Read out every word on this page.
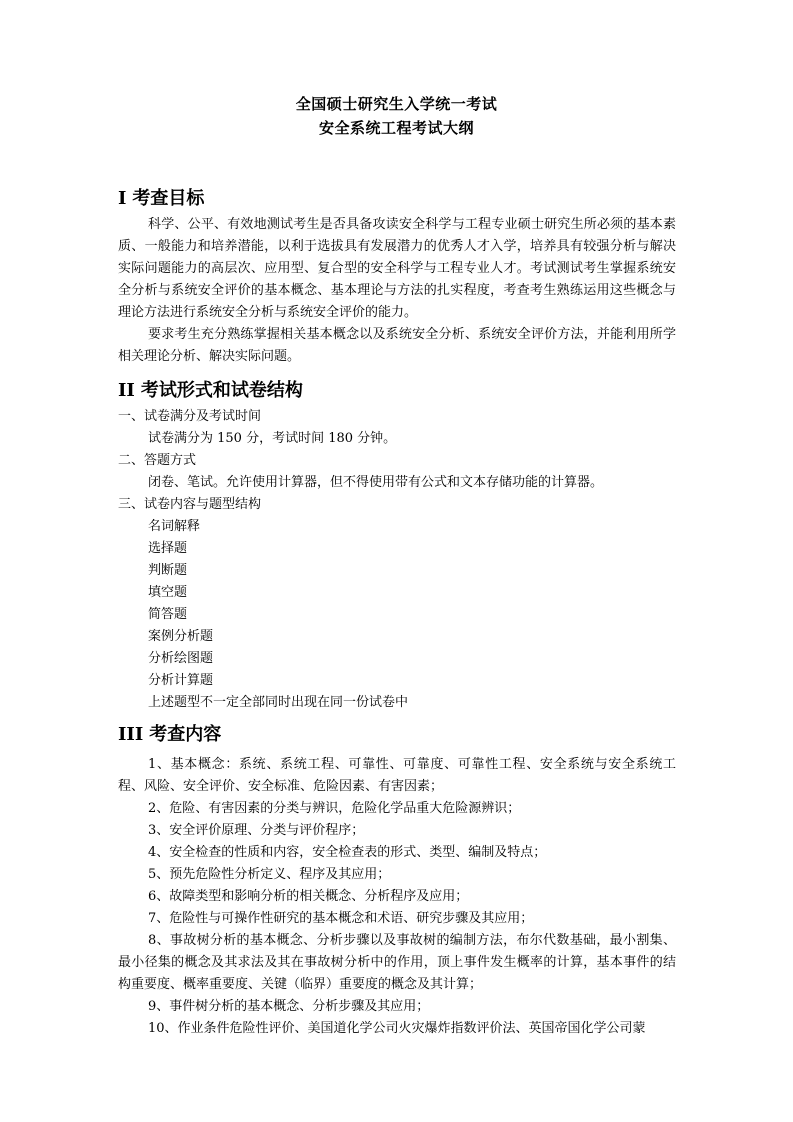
全国硕士研究生入学统一考试
安全系统工程考试大纲
I 考查目标

科学、公平、有效地测试考生是否具备攻读安全科学与工程专业硕士研究生所必须的基本素质、一般能力和培养潜能，以利于选拔具有发展潜力的优秀人才入学，培养具有较强分析与解决实际问题能力的高层次、应用型、复合型的安全科学与工程专业人才。考试测试考生掌握系统安全分析与系统安全评价的基本概念、基本理论与方法的扎实程度，考查考生熟练运用这些概念与理论方法进行系统安全分析与系统安全评价的能力。

要求考生充分熟练掌握相关基本概念以及系统安全分析、系统安全评价方法，并能利用所学相关理论分析、解决实际问题。

II 考试形式和试卷结构

一、试卷满分及考试时间

试卷满分为 150 分，考试时间 180 分钟。

二、答题方式

闭卷、笔试。允许使用计算器，但不得使用带有公式和文本存储功能的计算器。

三、试卷内容与题型结构

名词解释

选择题

判断题

填空题

简答题

案例分析题

分析绘图题

分析计算题

上述题型不一定全部同时出现在同一份试卷中

III 考查内容

1、基本概念：系统、系统工程、可靠性、可靠度、可靠性工程、安全系统与安全系统工程、风险、安全评价、安全标准、危险因素、有害因素；

2、危险、有害因素的分类与辨识，危险化学品重大危险源辨识；

3、安全评价原理、分类与评价程序；

4、安全检查的性质和内容，安全检查表的形式、类型、编制及特点；

5、预先危险性分析定义、程序及其应用；

6、故障类型和影响分析的相关概念、分析程序及应用；

7、危险性与可操作性研究的基本概念和术语、研究步骤及其应用；

8、事故树分析的基本概念、分析步骤以及事故树的编制方法，布尔代数基础，最小割集、最小径集的概念及其求法及其在事故树分析中的作用，顶上事件发生概率的计算，基本事件的结构重要度、概率重要度、关键（临界）重要度的概念及其计算；

9、事件树分析的基本概念、分析步骤及其应用；

10、作业条件危险性评价、美国道化学公司火灾爆炸指数评价法、英国帝国化学公司蒙
